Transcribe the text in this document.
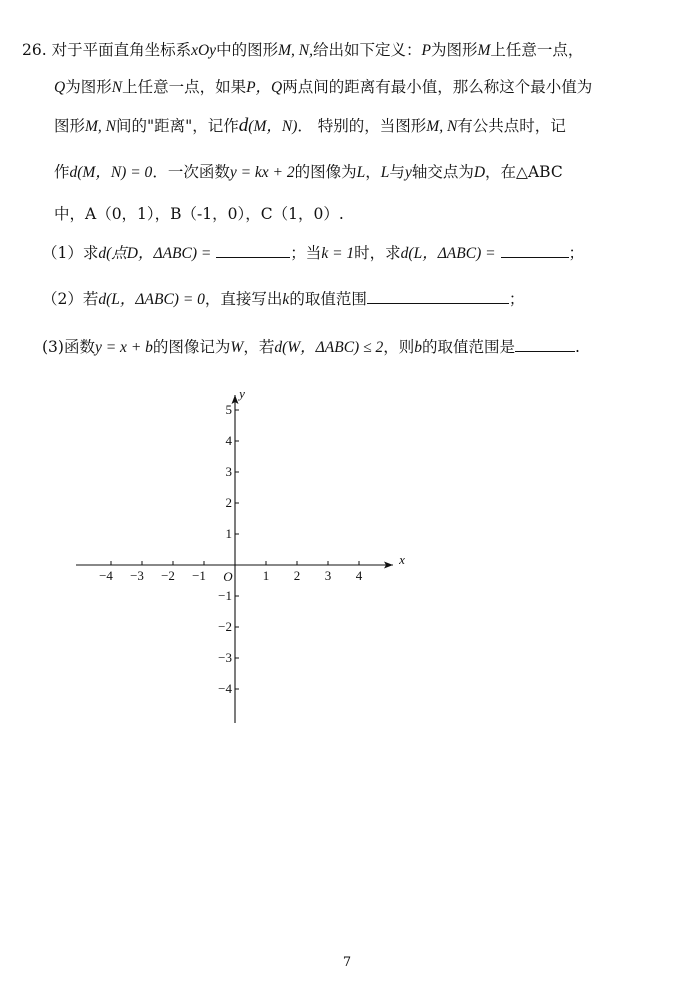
26. 对于平面直角坐标系xOy中的图形M, N,给出如下定义：P为图形M上任意一点，
Q为图形N上任意一点，如果P，Q两点间的距离有最小值，那么称这个最小值为
图形M, N间的"距离"，记作d(M，N)． 特别的，当图形M, N有公共点时，记
作d(M，N) = 0．一次函数y = kx + 2的图像为L，L与y轴交点为D，在△ABC
中，A（0，1），B（-1，0），C（1，0）.
（1）求d(点D，ΔABC) =	；当k = 1时，求d(L，ΔABC) =	；
（2）若d(L，ΔABC) = 0，直接写出k的取值范围	；
(3)函数y = x + b的图像记为W，若d(W，ΔABC) ≤ 2，则b的取值范围是	.
−4 −3 −2 −1	1 2 3 4
5
4
3
2
1
−1
−2
−3
−4
O
x
y
7
